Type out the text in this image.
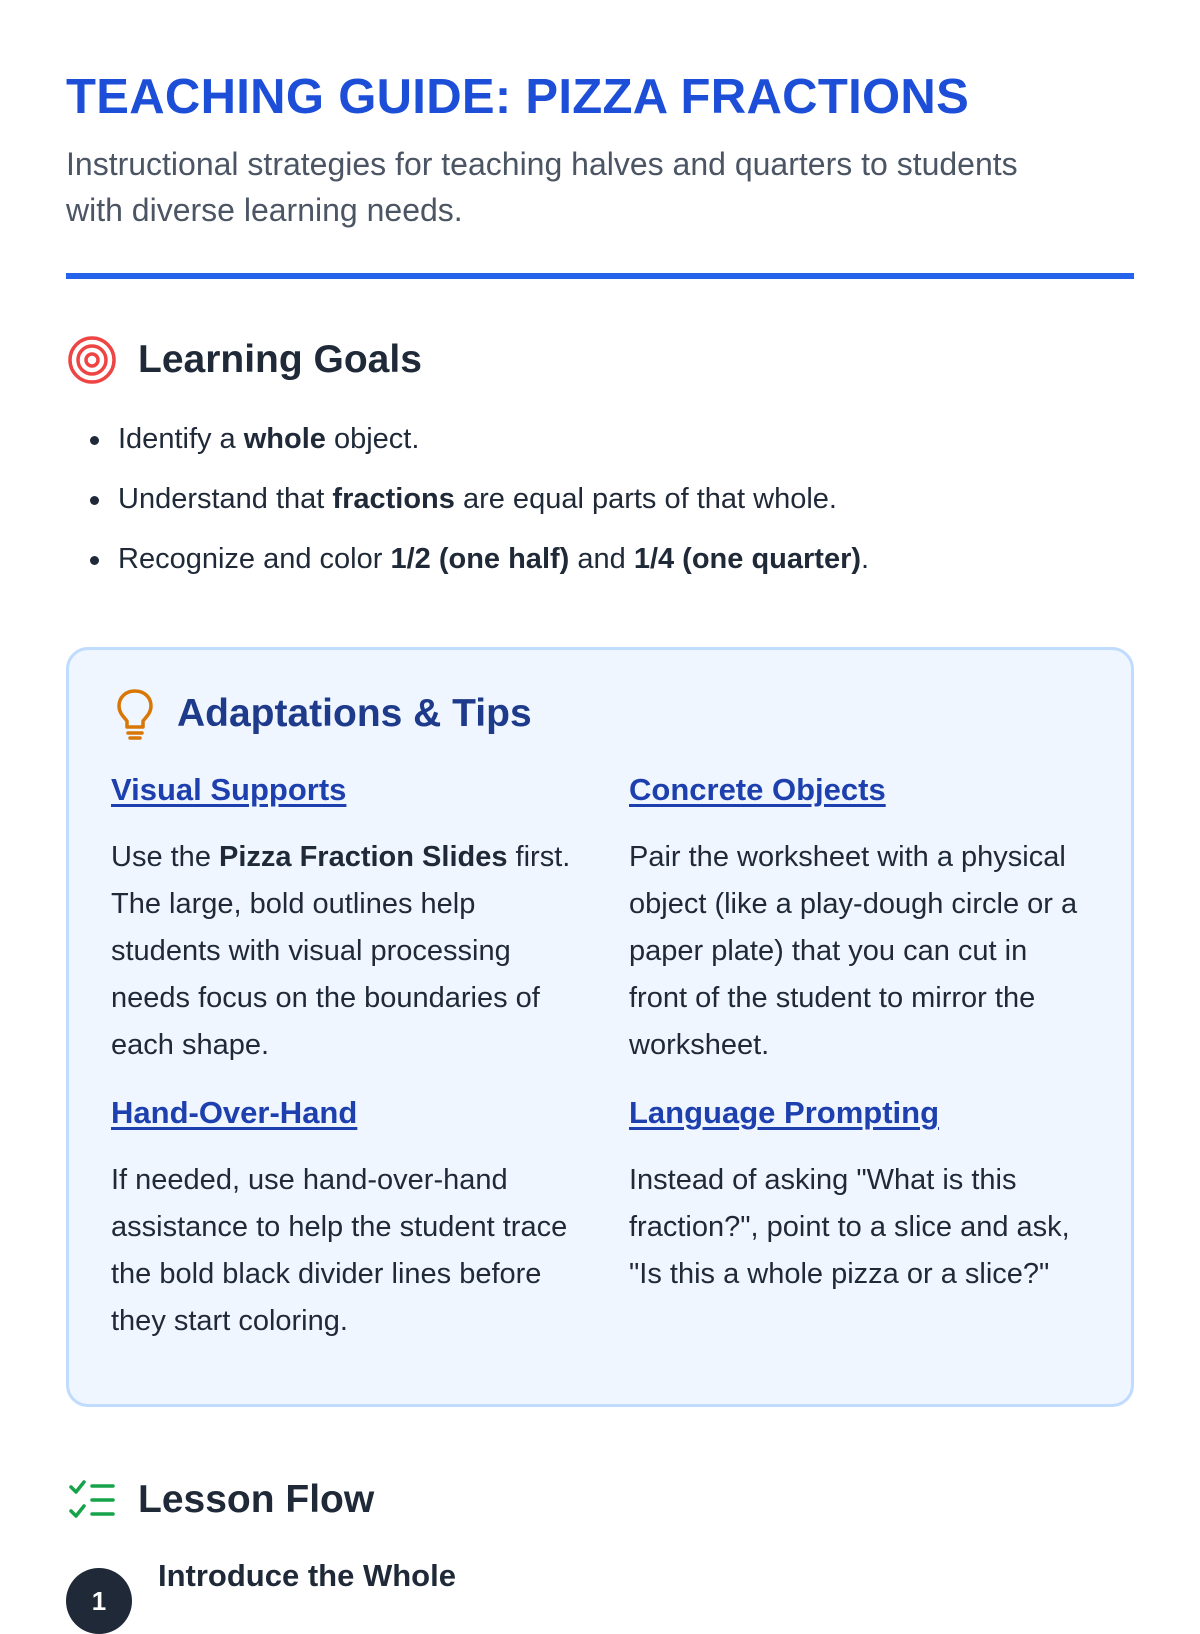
TEACHING GUIDE: PIZZA FRACTIONS

Instructional strategies for teaching halves and quarters to students with diverse learning needs.

Learning Goals
Identify a whole object.
Understand that fractions are equal parts of that whole.
Recognize and color 1/2 (one half) and 1/4 (one quarter).
Adaptations & Tips
Visual Supports

Use the Pizza Fraction Slides first. The large, bold outlines help students with visual processing needs focus on the boundaries of each shape.

Concrete Objects

Pair the worksheet with a physical object (like a play-dough circle or a paper plate) that you can cut in front of the student to mirror the worksheet.

Hand-Over-Hand

If needed, use hand-over-hand assistance to help the student trace the bold black divider lines before they start coloring.

Language Prompting

Instead of asking "What is this fraction?", point to a slice and ask, "Is this a whole pizza or a slice?"

Lesson Flow
1
Introduce the Whole
